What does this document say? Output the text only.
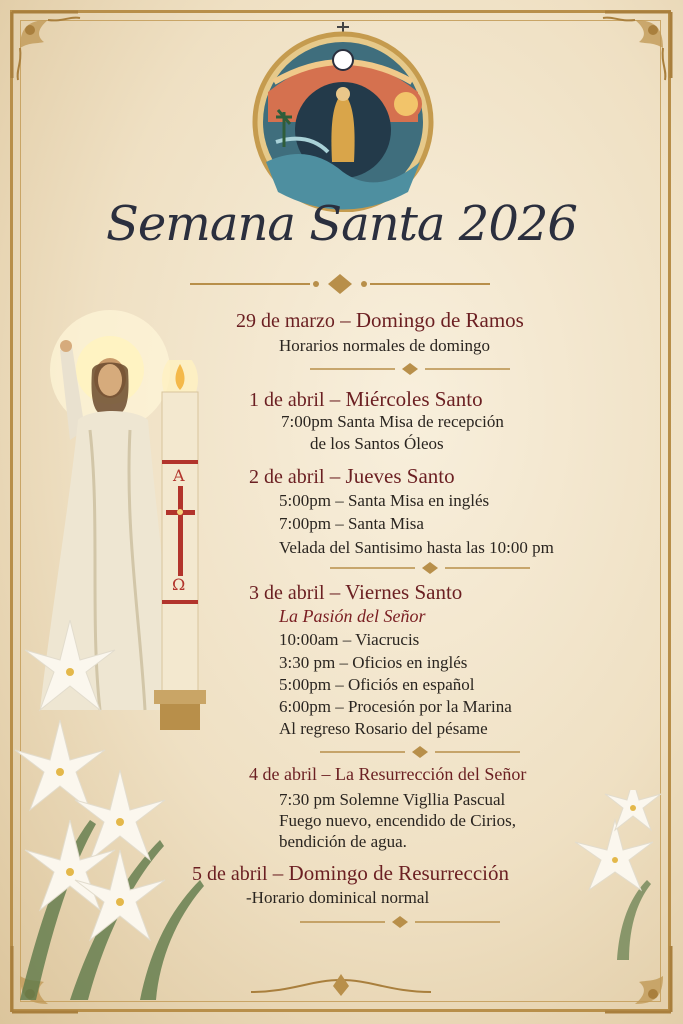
Semana Santa 2026
A
Ω
29 de marzo – Domingo de Ramos
Horarios normales de domingo
1 de abril – Miércoles Santo
7:00pm Santa Misa de recepción
de los Santos Óleos
2 de abril – Jueves Santo
5:00pm – Santa Misa en inglés
7:00pm – Santa Misa
Velada del Santisimo hasta las 10:00 pm
3 de abril – Viernes Santo
La Pasión del Señor
10:00am – Viacrucis
3:30 pm – Oficios en inglés
5:00pm – Oficiós en español
6:00pm – Procesión por la Marina
Al regreso Rosario del pésame
4 de abril – La Resurrección del Señor
7:30 pm Solemne Vigllia Pascual
Fuego nuevo, encendido de Cirios,
bendición de agua.
5 de abril – Domingo de Resurrección
-Horario dominical normal
